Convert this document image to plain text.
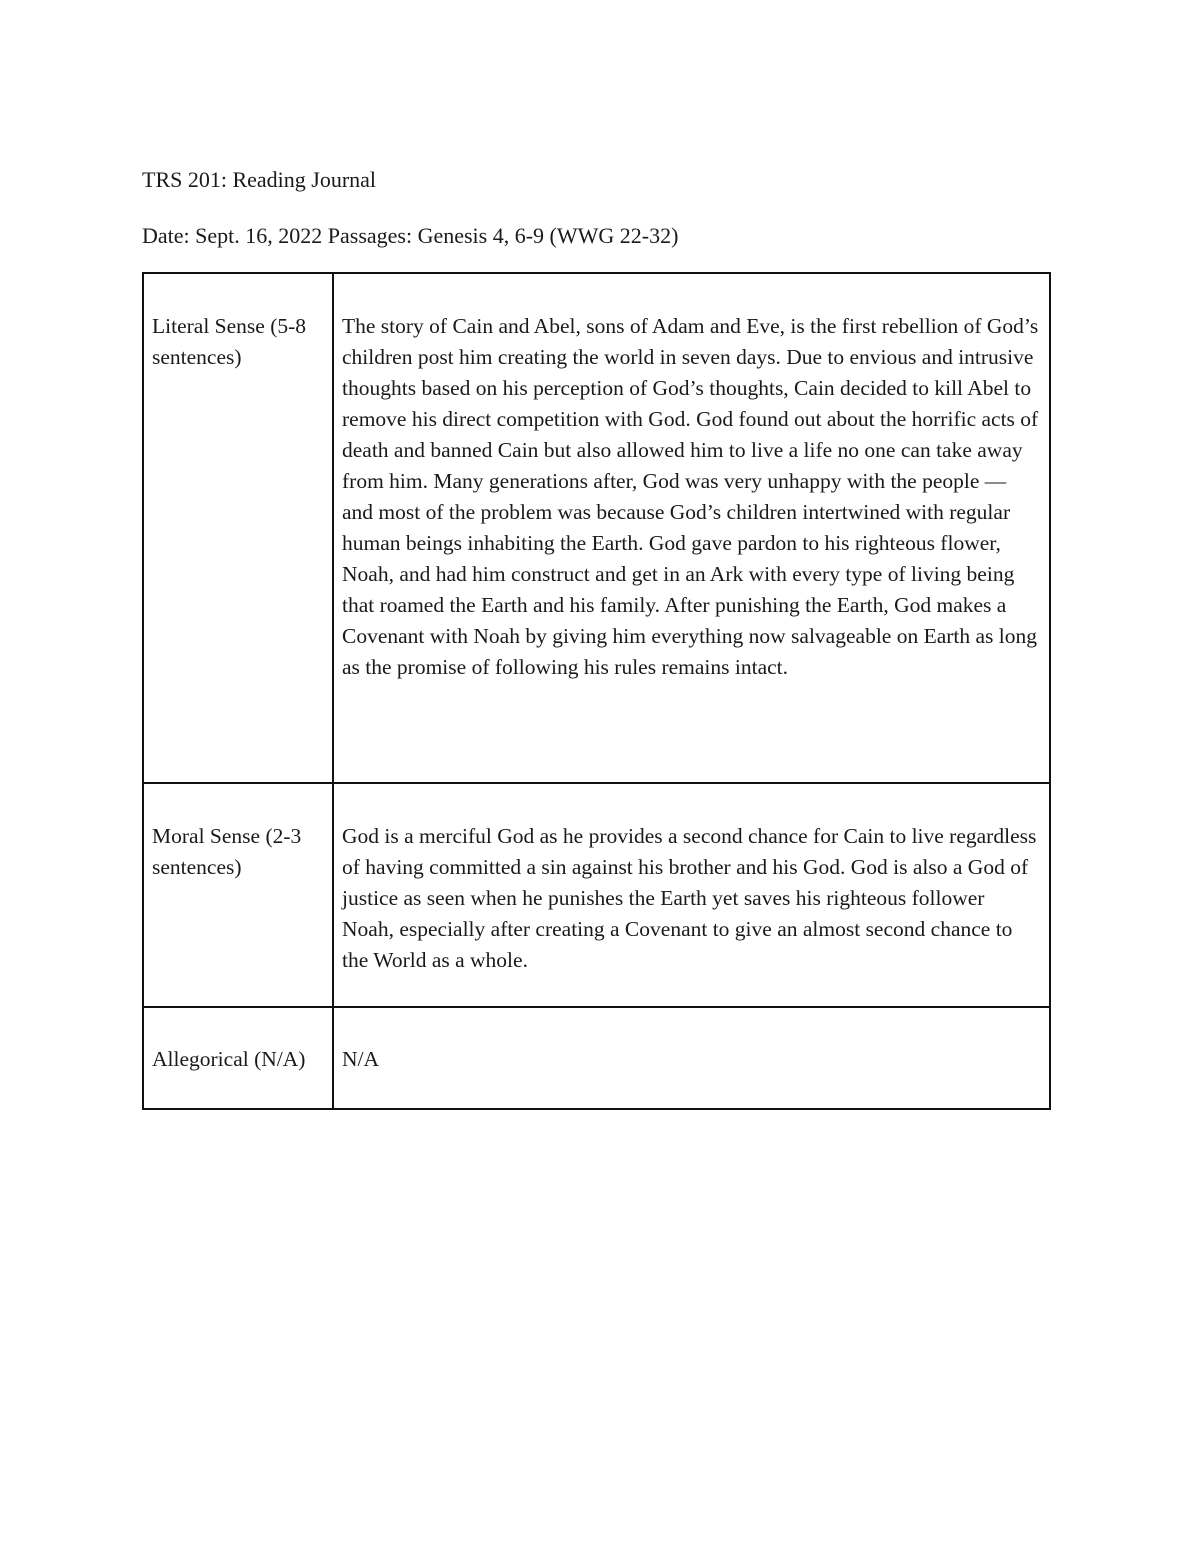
TRS 201: Reading Journal
Date: Sept. 16, 2022 Passages: Genesis 4, 6-9 (WWG 22-32)
Literal Sense (5-8 sentences)	The story of Cain and Abel, sons of Adam and Eve, is the first rebellion of God’s children post him creating the world in seven days. Due to envious and intrusive thoughts based on his perception of God’s thoughts, Cain decided to kill Abel to remove his direct competition with God. God found out about the horrific acts of death and banned Cain but also allowed him to live a life no one can take away from him. Many generations after, God was very unhappy with the people — and most of the problem was because God’s children intertwined with regular human beings inhabiting the Earth. God gave pardon to his righteous flower, Noah, and had him construct and get in an Ark with every type of living being that roamed the Earth and his family. After punishing the Earth, God makes a Covenant with Noah by giving him everything now salvageable on Earth as long as the promise of following his rules remains intact.
Moral Sense (2-3 sentences)	God is a merciful God as he provides a second chance for Cain to live regardless of having committed a sin against his brother and his God. God is also a God of justice as seen when he punishes the Earth yet saves his righteous follower Noah, especially after creating a Covenant to give an almost second chance to the World as a whole.
Allegorical (N/A)	N/A
